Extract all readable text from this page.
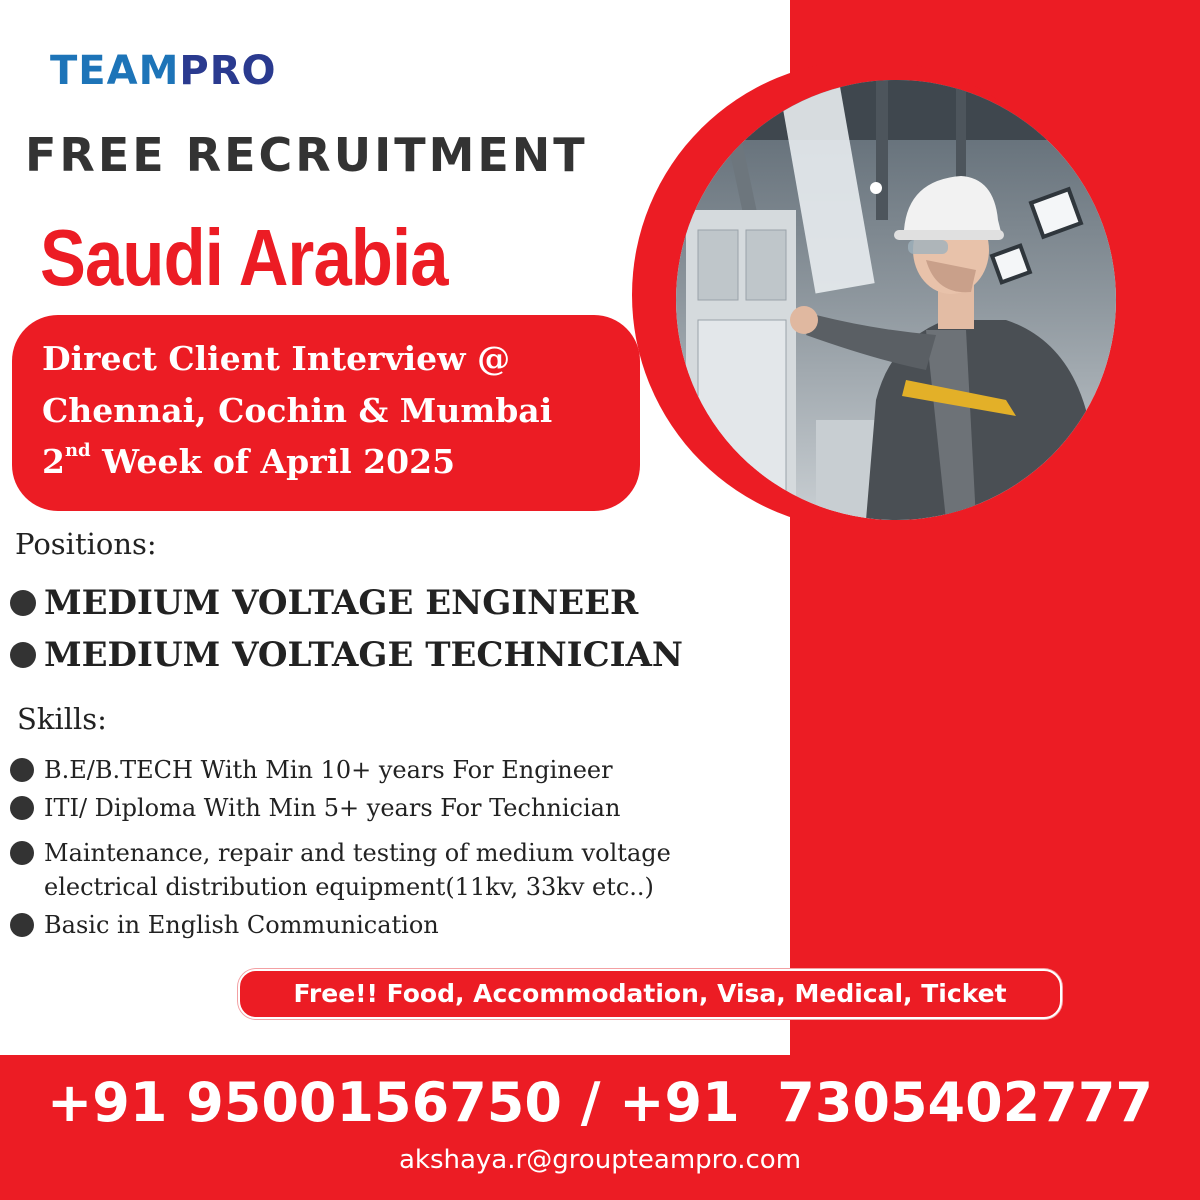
TEAMPRO
FREE RECRUITMENT
Saudi Arabia
Direct Client Interview @
Chennai, Cochin & Mumbai
2nd Week of April 2025
Positions:
MEDIUM VOLTAGE ENGINEER
MEDIUM VOLTAGE TECHNICIAN
Skills:
B.E/B.TECH With Min 10+ years For Engineer
ITI/ Diploma With Min 5+ years For Technician
Maintenance, repair and testing of medium voltage
electrical distribution equipment(11kv, 33kv etc..)
Basic in English Communication
Free!! Food, Accommodation, Visa, Medical, Ticket
+91 9500156750 / +91  7305402777
akshaya.r@groupteampro.com
